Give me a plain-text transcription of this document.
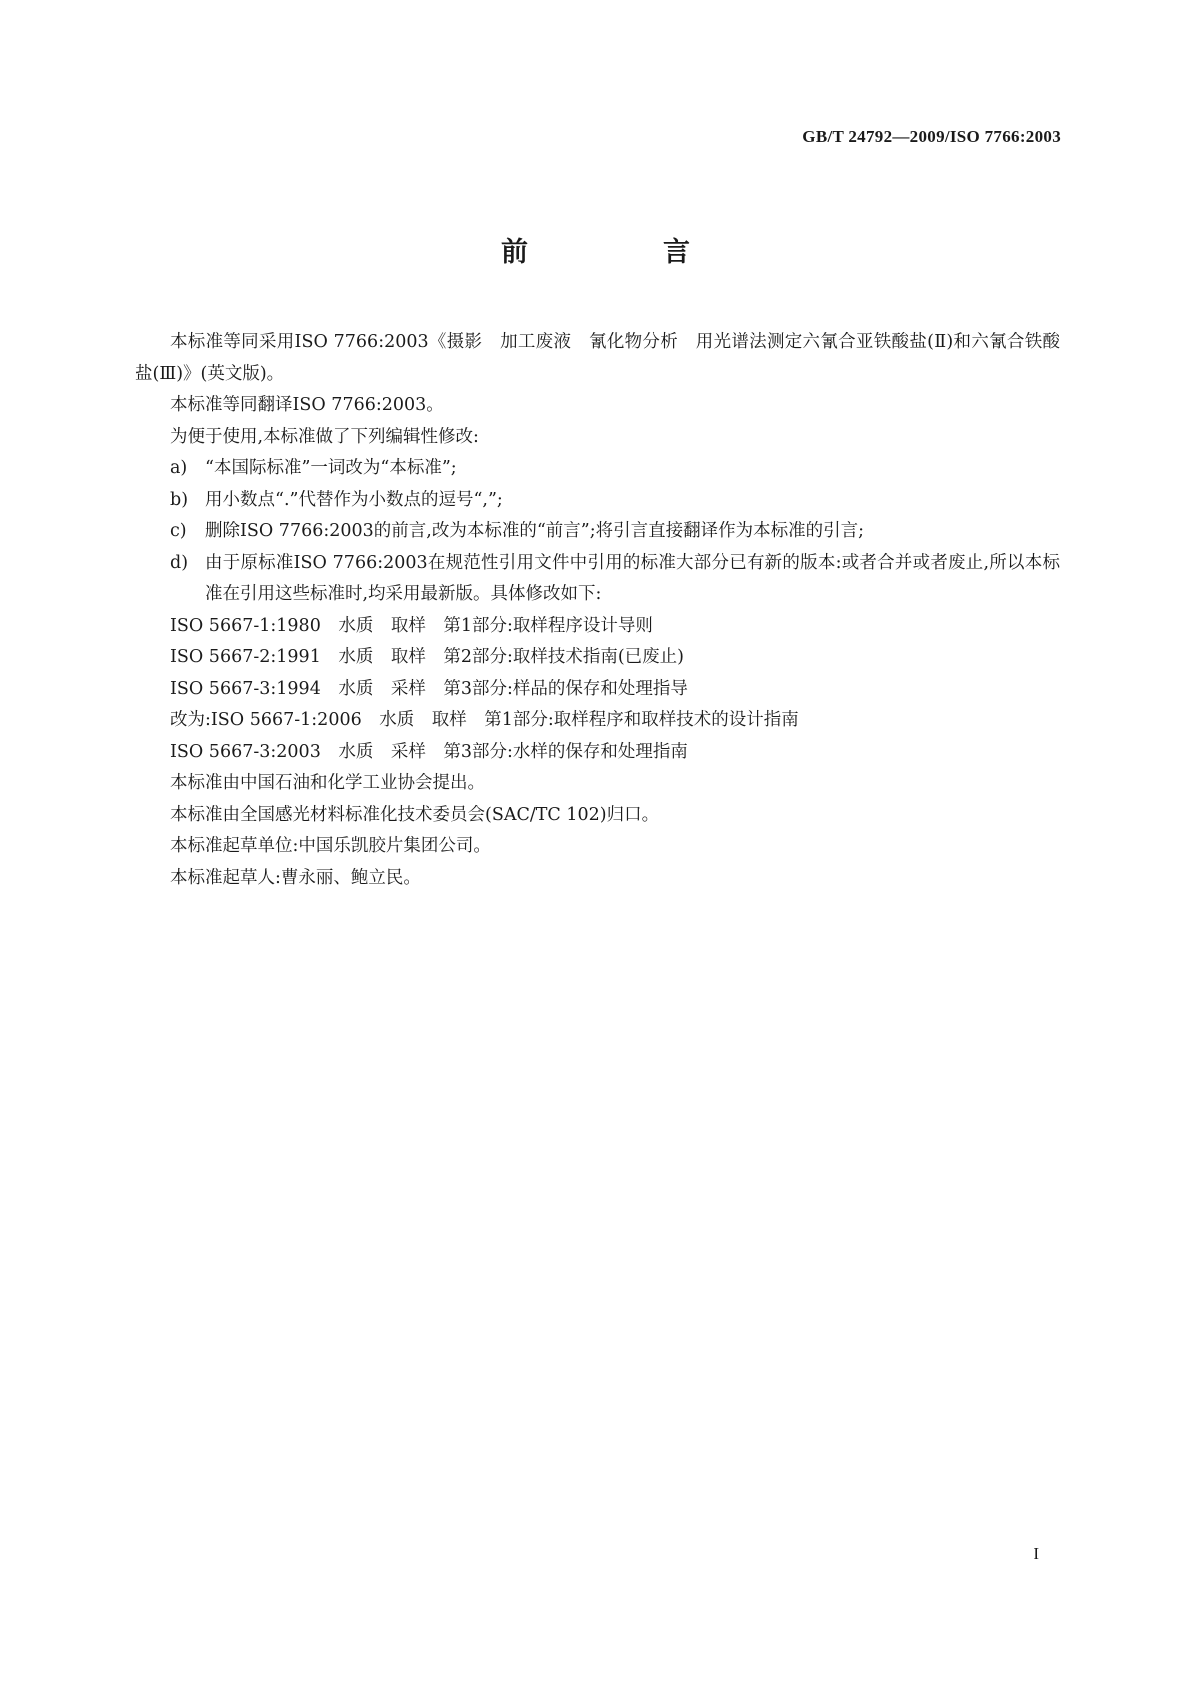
GB/T 24792—2009/ISO 7766:2003
前　言

本标准等同采用ISO 7766:2003《摄影　加工废液　氰化物分析　用光谱法测定六氰合亚铁酸盐(Ⅱ)和六氰合铁酸盐(Ⅲ)》(英文版)。

本标准等同翻译ISO 7766:2003。

为便于使用,本标准做了下列编辑性修改:

a) “本国际标准”一词改为“本标准”;

b) 用小数点“.”代替作为小数点的逗号“,”;

c) 删除ISO 7766:2003的前言,改为本标准的“前言”;将引言直接翻译作为本标准的引言;

d) 由于原标准ISO 7766:2003在规范性引用文件中引用的标准大部分已有新的版本:或者合并或者废止,所以本标准在引用这些标准时,均采用最新版。具体修改如下:

ISO 5667-1:1980　水质　取样　第1部分:取样程序设计导则

ISO 5667-2:1991　水质　取样　第2部分:取样技术指南(已废止)

ISO 5667-3:1994　水质　采样　第3部分:样品的保存和处理指导

改为:ISO 5667-1:2006　水质　取样　第1部分:取样程序和取样技术的设计指南

ISO 5667-3:2003　水质　采样　第3部分:水样的保存和处理指南

本标准由中国石油和化学工业协会提出。

本标准由全国感光材料标准化技术委员会(SAC/TC 102)归口。

本标准起草单位:中国乐凯胶片集团公司。

本标准起草人:曹永丽、鲍立民。

I
